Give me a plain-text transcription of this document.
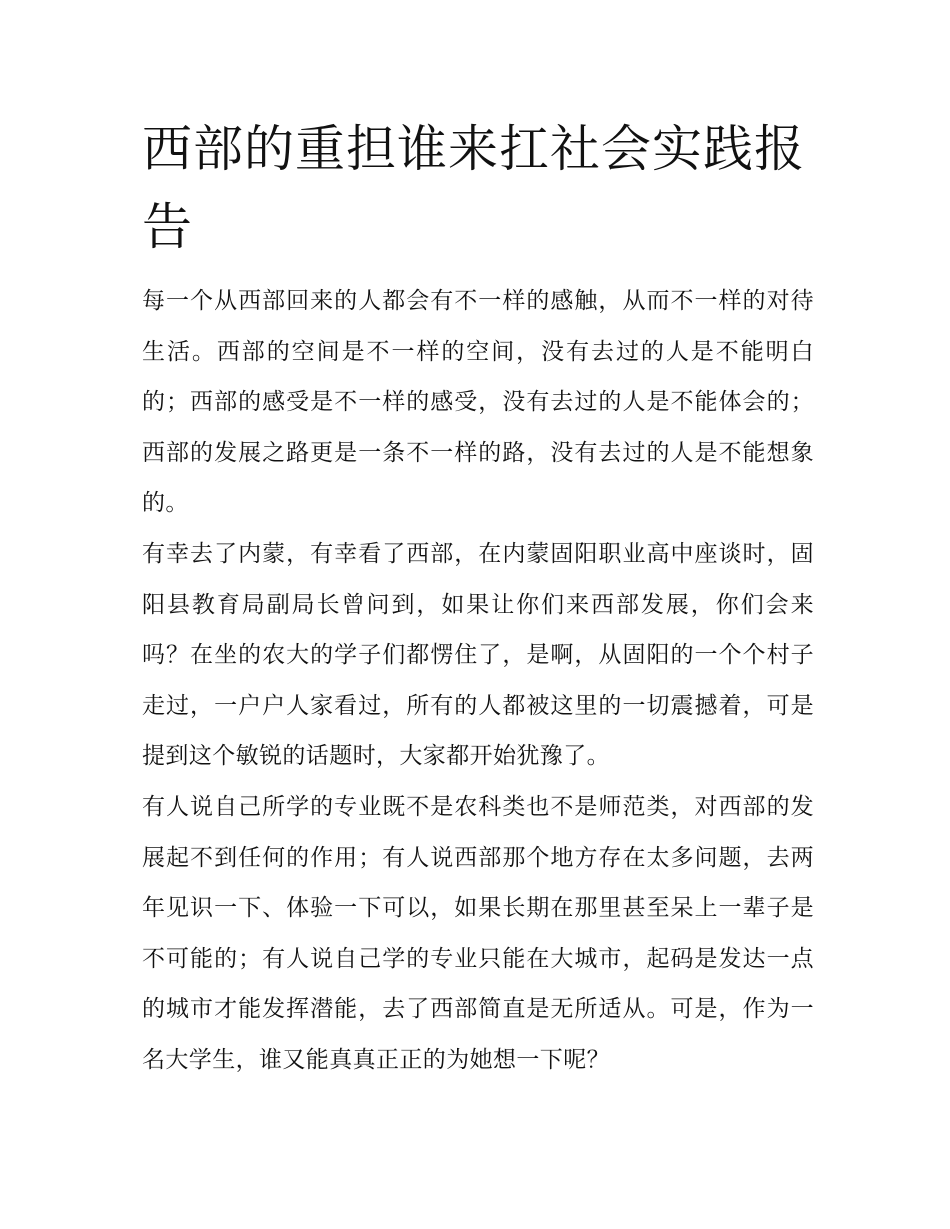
西部的重担谁来扛社会实践报告

每一个从西部回来的人都会有不一样的感触，从而不一样的对待生活。西部的空间是不一样的空间，没有去过的人是不能明白的；西部的感受是不一样的感受，没有去过的人是不能体会的；西部的发展之路更是一条不一样的路，没有去过的人是不能想象的。

有幸去了内蒙，有幸看了西部，在内蒙固阳职业高中座谈时，固阳县教育局副局长曾问到，如果让你们来西部发展，你们会来吗？在坐的农大的学子们都愣住了，是啊，从固阳的一个个村子走过，一户户人家看过，所有的人都被这里的一切震撼着，可是提到这个敏锐的话题时，大家都开始犹豫了。

有人说自己所学的专业既不是农科类也不是师范类，对西部的发展起不到任何的作用；有人说西部那个地方存在太多问题，去两年见识一下、体验一下可以，如果长期在那里甚至呆上一辈子是不可能的；有人说自己学的专业只能在大城市，起码是发达一点的城市才能发挥潜能，去了西部简直是无所适从。可是，作为一名大学生，谁又能真真正正的为她想一下呢？
